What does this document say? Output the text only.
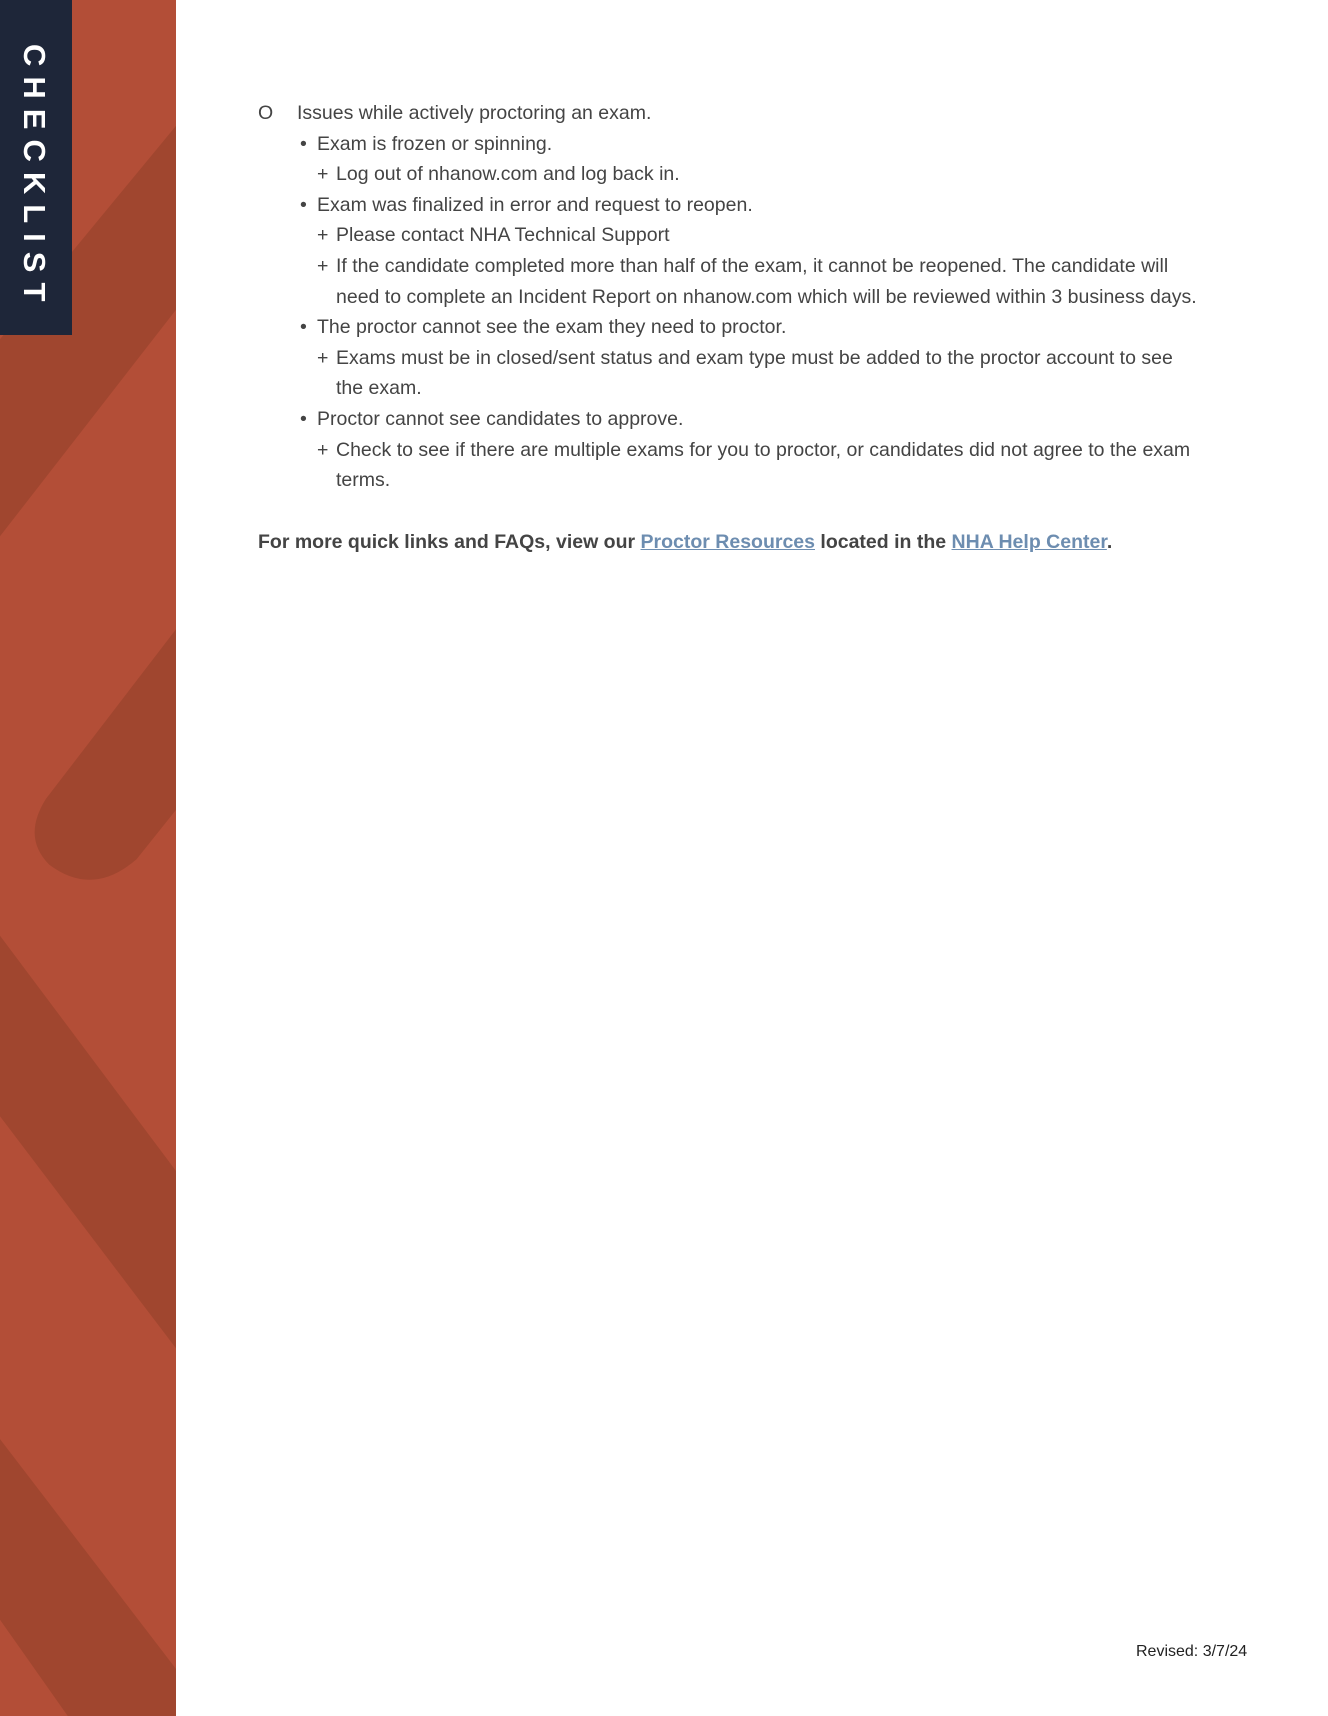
CHECKLIST	O Issues while actively proctoring an exam.
• Exam is frozen or spinning.
+ Log out of nhanow.com and log back in.
• Exam was finalized in error and request to reopen.
+ Please contact NHA Technical Support
+ If the candidate completed more than half of the exam, it cannot be reopened. The candidate will need to complete an Incident Report on nhanow.com which will be reviewed within 3 business days.
• The proctor cannot see the exam they need to proctor.
+ Exams must be in closed/sent status and exam type must be added to the proctor account to see the exam.
• Proctor cannot see candidates to approve.
+ Check to see if there are multiple exams for you to proctor, or candidates did not agree to the exam terms.
For more quick links and FAQs, view our Proctor Resources located in the NHA Help Center.
Revised: 3/7/24
